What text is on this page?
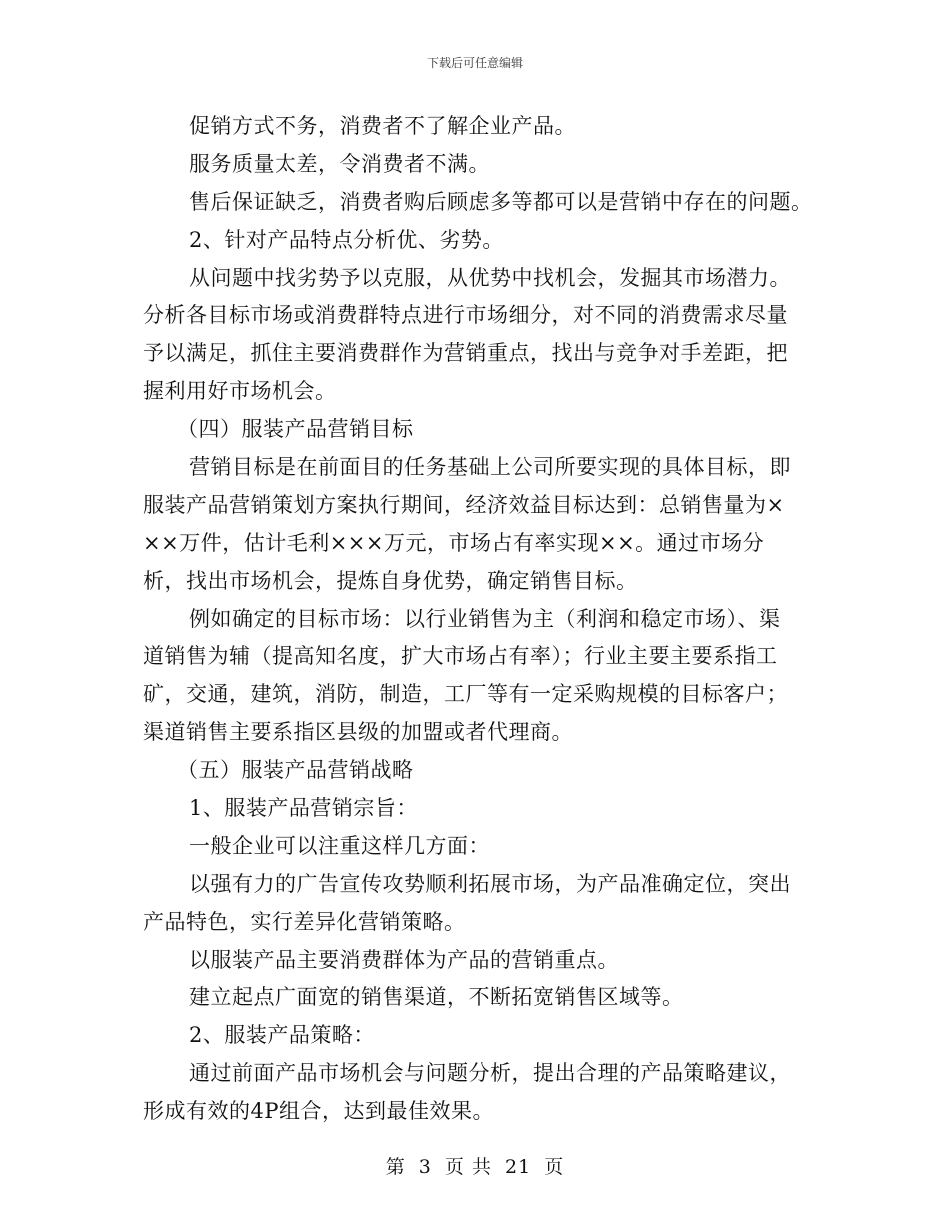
下载后可任意编辑
促销方式不务，消费者不了解企业产品。
服务质量太差，令消费者不满。
售后保证缺乏，消费者购后顾虑多等都可以是营销中存在的问题。
2、针对产品特点分析优、劣势。
从问题中找劣势予以克服，从优势中找机会，发掘其市场潜力。
分析各目标市场或消费群特点进行市场细分，对不同的消费需求尽量
予以满足，抓住主要消费群作为营销重点，找出与竞争对手差距，把
握利用好市场机会。
（四）服装产品营销目标
营销目标是在前面目的任务基础上公司所要实现的具体目标，即
服装产品营销策划方案执行期间，经济效益目标达到：总销售量为×
××万件，估计毛利×××万元，市场占有率实现××。通过市场分
析，找出市场机会，提炼自身优势，确定销售目标。
例如确定的目标市场：以行业销售为主（利润和稳定市场）、渠
道销售为辅（提高知名度，扩大市场占有率）；行业主要主要系指工
矿，交通，建筑，消防，制造，工厂等有一定采购规模的目标客户；
渠道销售主要系指区县级的加盟或者代理商。
（五）服装产品营销战略
1、服装产品营销宗旨：
一般企业可以注重这样几方面：
以强有力的广告宣传攻势顺利拓展市场，为产品准确定位，突出
产品特色，实行差异化营销策略。
以服装产品主要消费群体为产品的营销重点。
建立起点广面宽的销售渠道，不断拓宽销售区域等。
2、服装产品策略：
通过前面产品市场机会与问题分析，提出合理的产品策略建议，
形成有效的4P组合，达到最佳效果。
第 3 页 共 21 页
